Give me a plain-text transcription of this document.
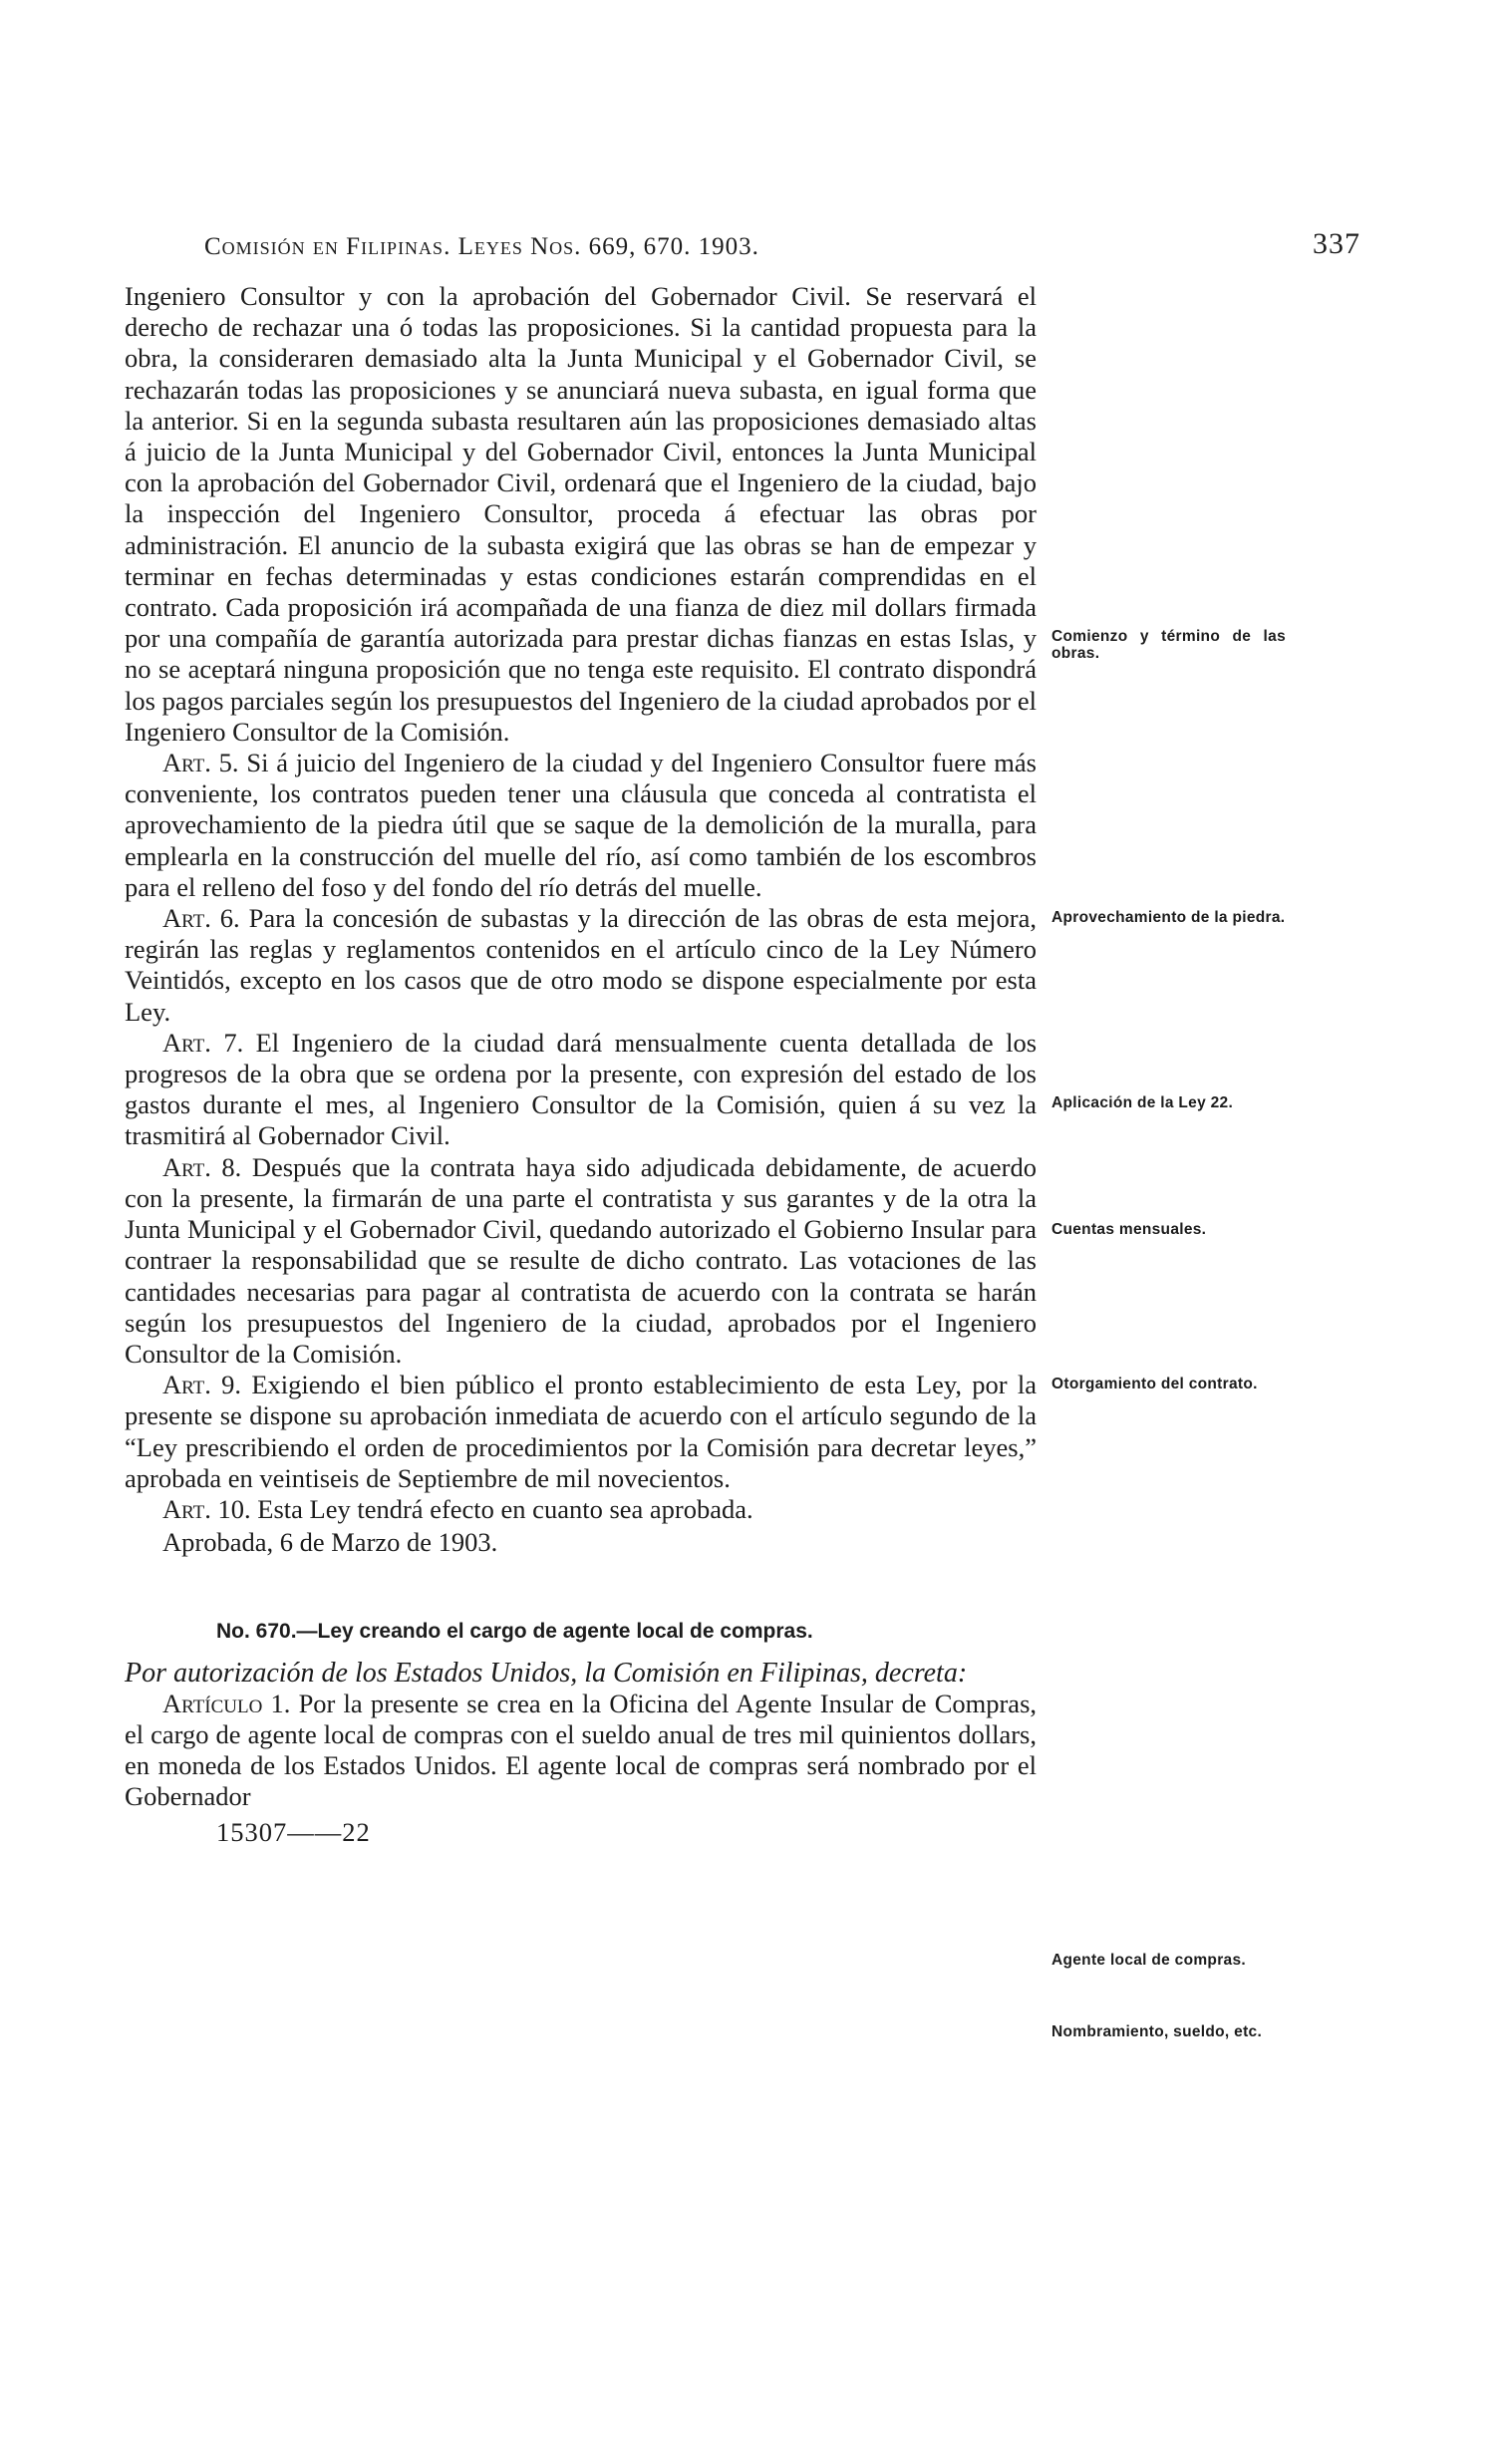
Comisión en Filipinas. Leyes Nos. 669, 670. 1903.	337

Ingeniero Consultor y con la aprobación del Gobernador Civil. Se reservará el derecho de rechazar una ó todas las proposiciones. Si la cantidad propuesta para la obra, la consideraren demasiado alta la Junta Municipal y el Gobernador Civil, se rechazarán todas las proposiciones y se anunciará nueva subasta, en igual forma que la anterior. Si en la segunda subasta resultaren aún las proposiciones demasiado altas á juicio de la Junta Municipal y del Gobernador Civil, entonces la Junta Municipal con la aprobación del Gobernador Civil, ordenará que el Ingeniero de la ciudad, bajo la inspección del Ingeniero Consultor, proceda á efectuar las obras por administración. El anuncio de la subasta exigirá que las obras se han de empezar y terminar en fechas determinadas y estas condiciones estarán comprendidas en el contrato. Cada proposición irá acompañada de una fianza de diez mil dollars firmada por una compañía de garantía autorizada para prestar dichas fianzas en estas Islas, y no se aceptará ninguna proposición que no tenga este requisito. El contrato dispondrá los pagos parciales según los presupuestos del Ingeniero de la ciudad aprobados por el Ingeniero Consultor de la Comisión.

Art. 5. Si á juicio del Ingeniero de la ciudad y del Ingeniero Consultor fuere más conveniente, los contratos pueden tener una cláusula que conceda al contratista el aprovechamiento de la piedra útil que se saque de la demolición de la muralla, para emplearla en la construcción del muelle del río, así como también de los escombros para el relleno del foso y del fondo del río detrás del muelle.

Art. 6. Para la concesión de subastas y la dirección de las obras de esta mejora, regirán las reglas y reglamentos contenidos en el artículo cinco de la Ley Número Veintidós, excepto en los casos que de otro modo se dispone especialmente por esta Ley.

Art. 7. El Ingeniero de la ciudad dará mensualmente cuenta detallada de los progresos de la obra que se ordena por la presente, con expresión del estado de los gastos durante el mes, al Ingeniero Consultor de la Comisión, quien á su vez la trasmitirá al Gobernador Civil.

Art. 8. Después que la contrata haya sido adjudicada debidamente, de acuerdo con la presente, la firmarán de una parte el contratista y sus garantes y de la otra la Junta Municipal y el Gobernador Civil, quedando autorizado el Gobierno Insular para contraer la responsabilidad que se resulte de dicho contrato. Las votaciones de las cantidades necesarias para pagar al contratista de acuerdo con la contrata se harán según los presupuestos del Ingeniero de la ciudad, aprobados por el Ingeniero Consultor de la Comisión.

Art. 9. Exigiendo el bien público el pronto establecimiento de esta Ley, por la presente se dispone su aprobación inmediata de acuerdo con el artículo segundo de la “Ley prescribiendo el orden de procedimientos por la Comisión para decretar leyes,” aprobada en veintiseis de Septiembre de mil novecientos.

Art. 10. Esta Ley tendrá efecto en cuanto sea aprobada.

Aprobada, 6 de Marzo de 1903.

No. 670.—Ley creando el cargo de agente local de compras.

Por autorización de los Estados Unidos, la Comisión en Filipinas, decreta:

Artículo 1. Por la presente se crea en la Oficina del Agente Insular de Compras, el cargo de agente local de compras con el sueldo anual de tres mil quinientos dollars, en moneda de los Estados Unidos. El agente local de compras será nombrado por el Gobernador

15307——22

Comienzo y término de las obras.
Aprovechamiento de la piedra.
Aplicación de la Ley 22.
Cuentas mensuales.
Otorgamiento del contrato.
Agente local de compras.
Nombramiento, sueldo, etc.
